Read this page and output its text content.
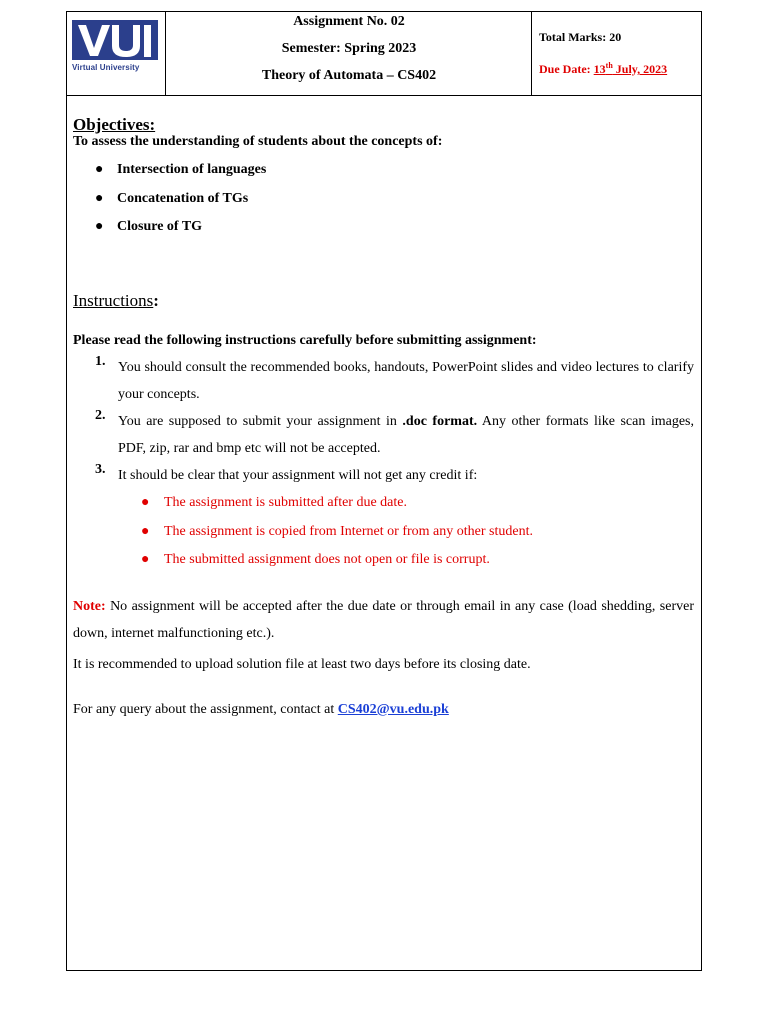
Virtual University
Assignment No. 02
Semester: Spring 2023
Theory of Automata – CS402
Total Marks: 20
Due Date: 13th July, 2023
Objectives:
To assess the understanding of students about the concepts of:
● Intersection of languages
● Concatenation of TGs
● Closure of TG
Instructions:
Please read the following instructions carefully before submitting assignment:
1. You should consult the recommended books, handouts, PowerPoint slides and video lectures to clarify your concepts.
2. You are supposed to submit your assignment in .doc format. Any other formats like scan images, PDF, zip, rar and bmp etc will not be accepted.
3. It should be clear that your assignment will not get any credit if:
● The assignment is submitted after due date.
● The assignment is copied from Internet or from any other student.
● The submitted assignment does not open or file is corrupt.
Note: No assignment will be accepted after the due date or through email in any case (load shedding, server down, internet malfunctioning etc.).
It is recommended to upload solution file at least two days before its closing date.
For any query about the assignment, contact at CS402@vu.edu.pk
